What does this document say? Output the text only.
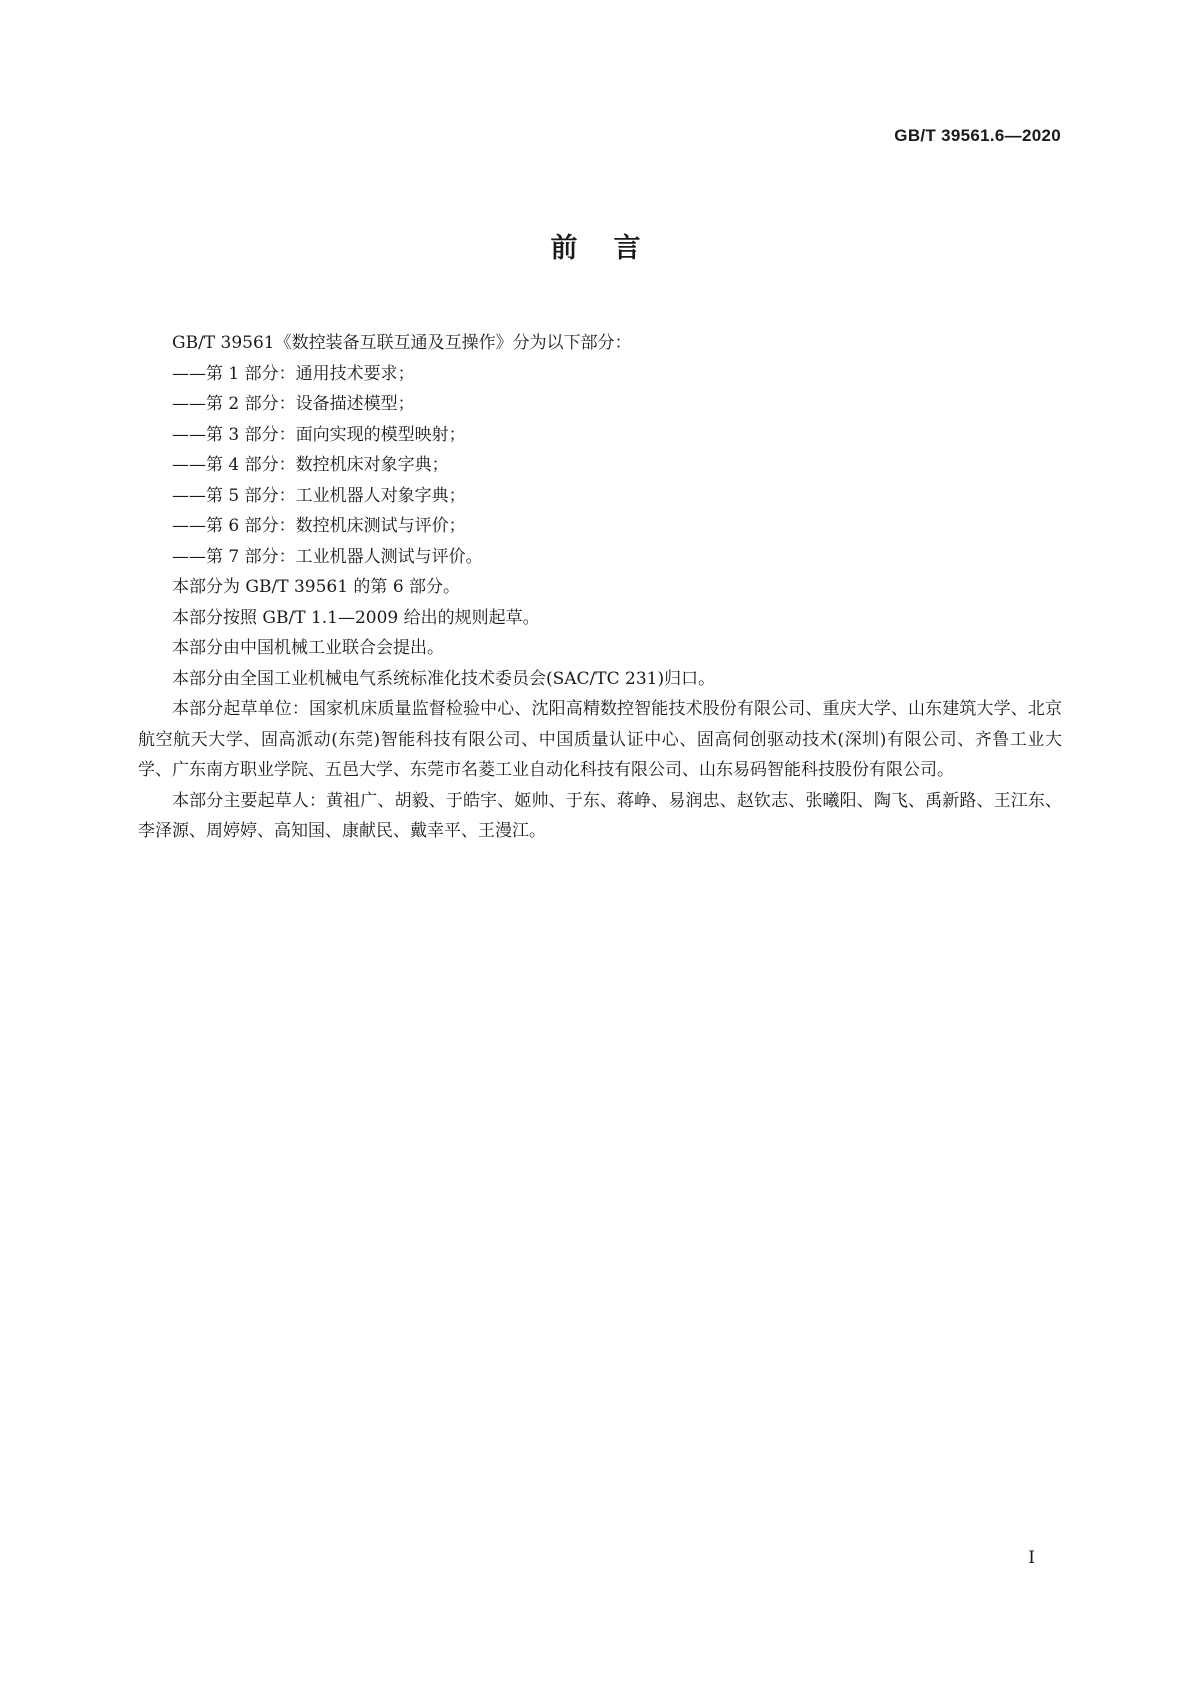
GB/T 39561.6—2020
前言

GB/T 39561《数控装备互联互通及互操作》分为以下部分：

——第 1 部分：通用技术要求；

——第 2 部分：设备描述模型；

——第 3 部分：面向实现的模型映射；

——第 4 部分：数控机床对象字典；

——第 5 部分：工业机器人对象字典；

——第 6 部分：数控机床测试与评价；

——第 7 部分：工业机器人测试与评价。

本部分为 GB/T 39561 的第 6 部分。

本部分按照 GB/T 1.1—2009 给出的规则起草。

本部分由中国机械工业联合会提出。

本部分由全国工业机械电气系统标准化技术委员会(SAC/TC 231)归口。

本部分起草单位：国家机床质量监督检验中心、沈阳高精数控智能技术股份有限公司、重庆大学、山东建筑大学、北京航空航天大学、固高派动(东莞)智能科技有限公司、中国质量认证中心、固高伺创驱动技术(深圳)有限公司、齐鲁工业大学、广东南方职业学院、五邑大学、东莞市名菱工业自动化科技有限公司、山东易码智能科技股份有限公司。

本部分主要起草人：黄祖广、胡毅、于皓宇、姬帅、于东、蒋峥、易润忠、赵钦志、张曦阳、陶飞、禹新路、王江东、李泽源、周婷婷、高知国、康献民、戴幸平、王漫江。

I
